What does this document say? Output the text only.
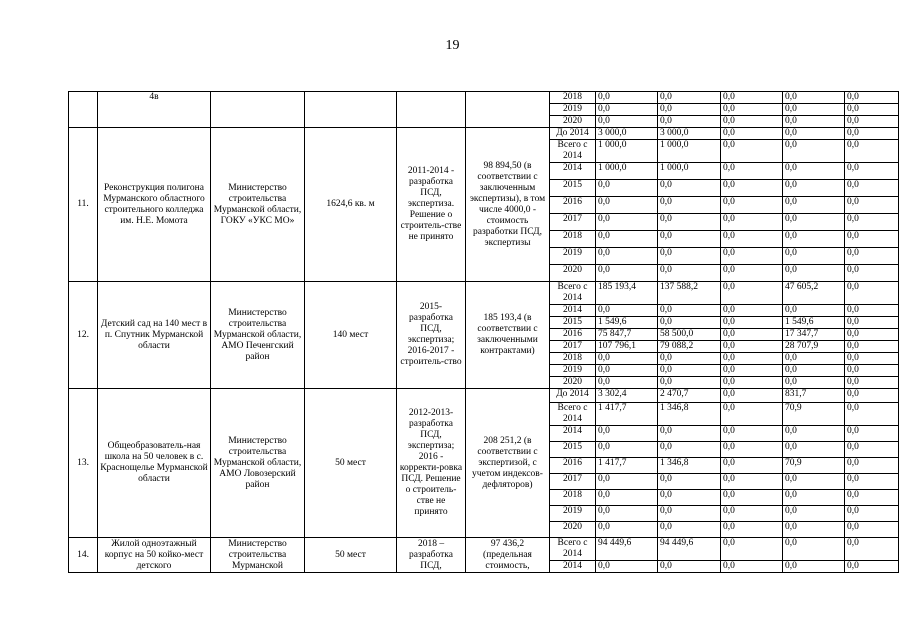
19
	4в					2018	0,0	0,0	0,0	0,0	0,0
						2019	0,0	0,0	0,0	0,0	0,0
						2020	0,0	0,0	0,0	0,0	0,0
11.	Реконструкция полигона Мурманского областного строительного колледжа им. Н.Е. Момота	Министерство строительства Мурманской области, ГОКУ «УКС МО»	1624,6 кв. м	2011-2014 - разработка ПСД, экспертиза. Решение о строитель-стве не принято	98 894,50 (в соответствии с заключенным экспертизы), в том числе 4000,0 - стоимость разработки ПСД, экспертизы	До 2014	3 000,0	3 000,0	0,0	0,0	0,0
						Всего с 2014	1 000,0	1 000,0	0,0	0,0	0,0
						2014	1 000,0	1 000,0	0,0	0,0	0,0
						2015	0,0	0,0	0,0	0,0	0,0
						2016	0,0	0,0	0,0	0,0	0,0
						2017	0,0	0,0	0,0	0,0	0,0
						2018	0,0	0,0	0,0	0,0	0,0
						2019	0,0	0,0	0,0	0,0	0,0
						2020	0,0	0,0	0,0	0,0	0,0
12.	Детский сад на 140 мест в п. Спутник Мурманской области	Министерство строительства Мурманской области, АМО Печенгский район	140 мест	2015-разработка ПСД, экспертиза; 2016-2017 - строитель-ство	185 193,4 (в соответствии с заключенными контрактами)	Всего с 2014	185 193,4	137 588,2	0,0	47 605,2	0,0
						2014	0,0	0,0	0,0	0,0	0,0
						2015	1 549,6	0,0	0,0	1 549,6	0,0
						2016	75 847,7	58 500,0	0,0	17 347,7	0,0
						2017	107 796,1	79 088,2	0,0	28 707,9	0,0
						2018	0,0	0,0	0,0	0,0	0,0
						2019	0,0	0,0	0,0	0,0	0,0
						2020	0,0	0,0	0,0	0,0	0,0
13.	Общеобразователь-ная школа на 50 человек в с. Краснощелье Мурманской области	Министерство строительства Мурманской области, АМО Ловозерский район	50 мест	2012-2013-разработка ПСД, экспертиза; 2016 - корректи-ровка ПСД. Решение о строитель-стве не принято	208 251,2 (в соответствии с экспертизой, с учетом индексов-дефляторов)	До 2014	3 302,4	2 470,7	0,0	831,7	0,0
						Всего с 2014	1 417,7	1 346,8	0,0	70,9	0,0
						2014	0,0	0,0	0,0	0,0	0,0
						2015	0,0	0,0	0,0	0,0	0,0
						2016	1 417,7	1 346,8	0,0	70,9	0,0
						2017	0,0	0,0	0,0	0,0	0,0
						2018	0,0	0,0	0,0	0,0	0,0
						2019	0,0	0,0	0,0	0,0	0,0
						2020	0,0	0,0	0,0	0,0	0,0
14.	Жилой одноэтажный корпус на 50 койко-мест детского	Министерство строительства Мурманской	50 мест	2018 – разработка ПСД,	97 436,2 (предельная стоимость,	Всего с 2014	94 449,6	94 449,6	0,0	0,0	0,0
						2014	0,0	0,0	0,0	0,0	0,0
